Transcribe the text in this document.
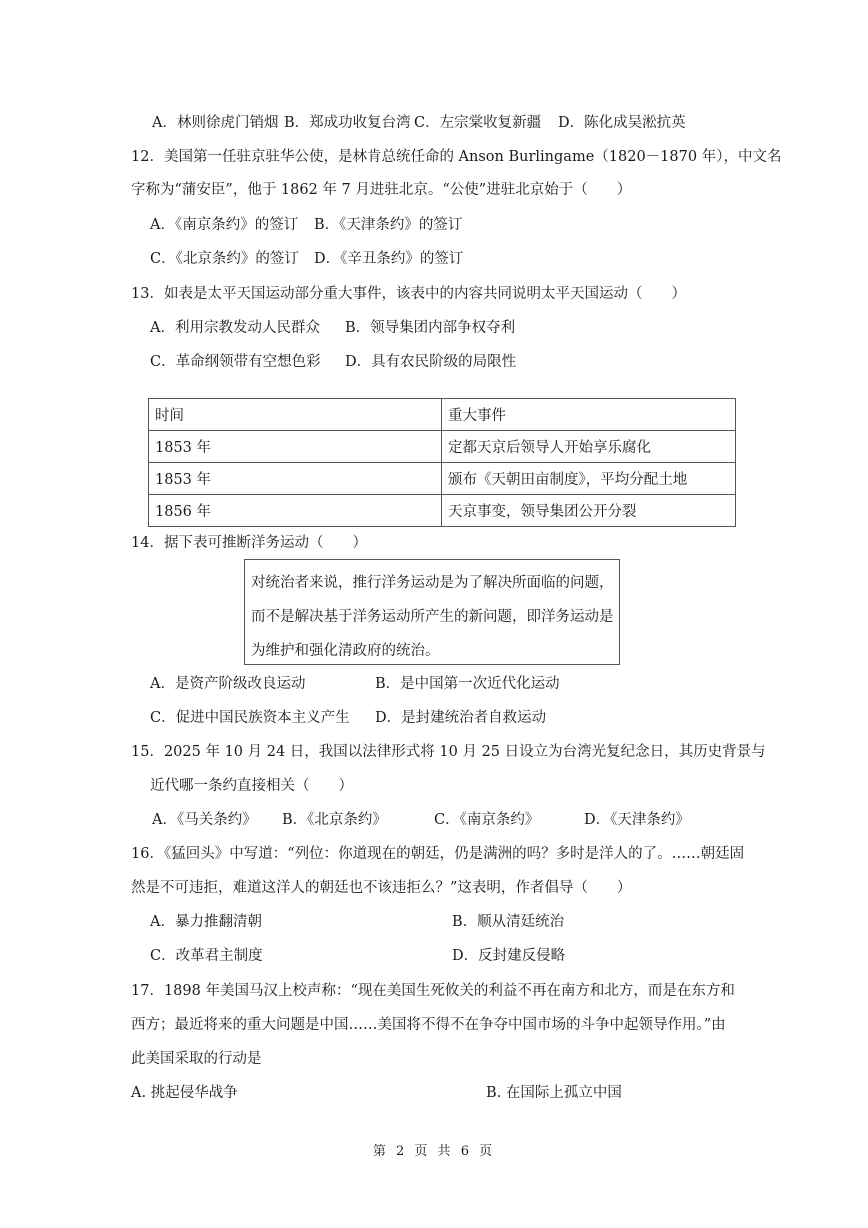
A．林则徐虎门销烟 B．郑成功收复台湾 C．左宗棠收复新疆 D．陈化成吴淞抗英
12．美国第一任驻京驻华公使，是林肯总统任命的 Anson Burlingame（1820－1870 年），中文名
字称为“蒲安臣”，他于 1862 年 7 月进驻北京。“公使”进驻北京始于（　　）
A．《南京条约》的签订 B．《天津条约》的签订
C．《北京条约》的签订 D．《辛丑条约》的签订
13．如表是太平天国运动部分重大事件，该表中的内容共同说明太平天国运动（　　）
A．利用宗教发动人民群众 B．领导集团内部争权夺利
C．革命纲领带有空想色彩 D．具有农民阶级的局限性
时间	重大事件
1853 年	定都天京后领导人开始享乐腐化
1853 年	颁布《天朝田亩制度》，平均分配土地
1856 年	天京事变，领导集团公开分裂
14．据下表可推断洋务运动（　　）
对统治者来说，推行洋务运动是为了解决所面临的问题，
而不是解决基于洋务运动所产生的新问题，即洋务运动是
为维护和强化清政府的统治。
A．是资产阶级改良运动	B．是中国第一次近代化运动
C．促进中国民族资本主义产生 D．是封建统治者自救运动
15．2025 年 10 月 24 日，我国以法律形式将 10 月 25 日设立为台湾光复纪念日，其历史背景与
近代哪一条约直接相关（　　）
A．《马关条约》 B．《北京条约》	C．《南京条约》	D．《天津条约》
16．《猛回头》中写道：“列位：你道现在的朝廷，仍是满洲的吗？多时是洋人的了。……朝廷固
然是不可违拒，难道这洋人的朝廷也不该违拒么？”这表明，作者倡导（　　）
A．暴力推翻清朝	B．顺从清廷统治
C．改革君主制度	D．反封建反侵略
17．1898 年美国马汉上校声称：“现在美国生死攸关的利益不再在南方和北方，而是在东方和
西方；最近将来的重大问题是中国……美国将不得不在争夺中国市场的斗争中起领导作用。”由
此美国采取的行动是
A. 挑起侵华战争	B. 在国际上孤立中国
第 2 页 共 6 页
